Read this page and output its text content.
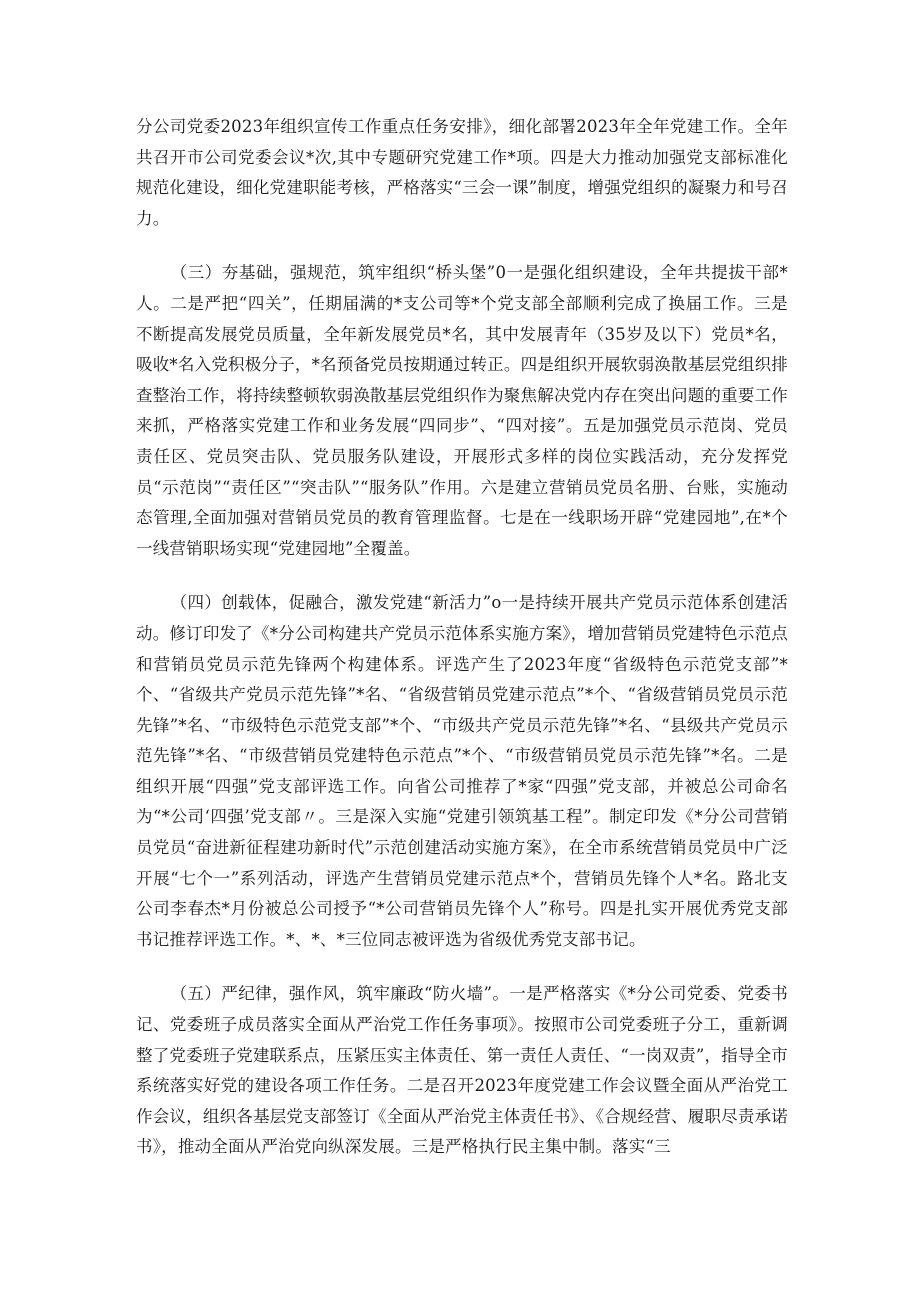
分公司党委2023年组织宣传工作重点任务安排》，细化部署2023年全年党建工作。全年共召开市公司党委会议*次,其中专题研究党建工作*项。四是大力推动加强党支部标准化规范化建设，细化党建职能考核，严格落实“三会一课”制度，增强党组织的凝聚力和号召力。

（三）夯基础，强规范，筑牢组织“桥头堡”0一是强化组织建设，全年共提拔干部*人。二是严把“四关”，任期届满的*支公司等*个党支部全部顺利完成了换届工作。三是不断提高发展党员质量，全年新发展党员*名，其中发展青年（35岁及以下）党员*名，吸收*名入党积极分子，*名预备党员按期通过转正。四是组织开展软弱涣散基层党组织排查整治工作，将持续整顿软弱涣散基层党组织作为聚焦解决党内存在突出问题的重要工作来抓，严格落实党建工作和业务发展“四同步”、“四对接”。五是加强党员示范岗、党员责任区、党员突击队、党员服务队建设，开展形式多样的岗位实践活动，充分发挥党员“示范岗”“责任区”“突击队”“服务队”作用。六是建立营销员党员名册、台账，实施动态管理,全面加强对营销员党员的教育管理监督。七是在一线职场开辟“党建园地”,在*个一线营销职场实现“党建园地”全覆盖。

（四）创载体，促融合，激发党建“新活力”o一是持续开展共产党员示范体系创建活动。修订印发了《*分公司构建共产党员示范体系实施方案》，增加营销员党建特色示范点和营销员党员示范先锋两个构建体系。评选产生了2023年度“省级特色示范党支部”*个、“省级共产党员示范先锋”*名、“省级营销员党建示范点”*个、“省级营销员党员示范先锋”*名、“市级特色示范党支部”*个、“市级共产党员示范先锋”*名、“县级共产党员示范先锋”*名、“市级营销员党建特色示范点”*个、“市级营销员党员示范先锋”*名。二是组织开展“四强”党支部评选工作。向省公司推荐了*家“四强”党支部，并被总公司命名为“*公司‘四强’党支部〃。三是深入实施“党建引领筑基工程”。制定印发《*分公司营销员党员“奋进新征程建功新时代”示范创建活动实施方案》，在全市系统营销员党员中广泛开展“七个一”系列活动，评选产生营销员党建示范点*个，营销员先锋个人*名。路北支公司李春杰*月份被总公司授予“*公司营销员先锋个人”称号。四是扎实开展优秀党支部书记推荐评选工作。*、*、*三位同志被评选为省级优秀党支部书记。

（五）严纪律，强作风，筑牢廉政“防火墙”。一是严格落实《*分公司党委、党委书记、党委班子成员落实全面从严治党工作任务事项》。按照市公司党委班子分工，重新调整了党委班子党建联系点，压紧压实主体责任、第一责任人责任、“一岗双责”，指导全市系统落实好党的建设各项工作任务。二是召开2023年度党建工作会议暨全面从严治党工作会议，组织各基层党支部签订《全面从严治党主体责任书》、《合规经营、履职尽责承诺书》，推动全面从严治党向纵深发展。三是严格执行民主集中制。落实“三
